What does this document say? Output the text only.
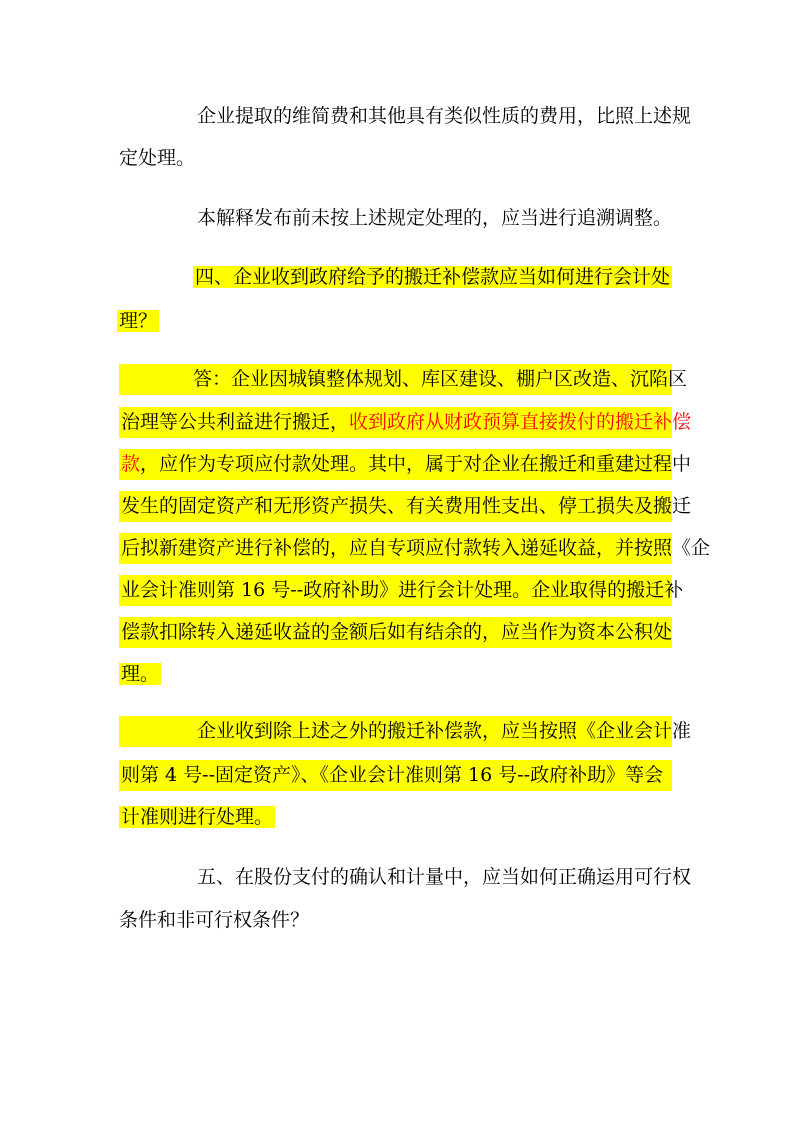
企业提取的维简费和其他具有类似性质的费用，比照上述规
定处理。
本解释发布前未按上述规定处理的，应当进行追溯调整。
四、企业收到政府给予的搬迁补偿款应当如何进行会计处
理？
答：企业因城镇整体规划、库区建设、棚户区改造、沉陷区
治理等公共利益进行搬迁，收到政府从财政预算直接拨付的搬迁补偿
款，应作为专项应付款处理。其中，属于对企业在搬迁和重建过程中
发生的固定资产和无形资产损失、有关费用性支出、停工损失及搬迁
后拟新建资产进行补偿的，应自专项应付款转入递延收益，并按照《企
业会计准则第 16 号--政府补助》进行会计处理。企业取得的搬迁补
偿款扣除转入递延收益的金额后如有结余的，应当作为资本公积处
理。
企业收到除上述之外的搬迁补偿款，应当按照《企业会计准
则第 4 号--固定资产》、《企业会计准则第 16 号--政府补助》等会
计准则进行处理。
五、在股份支付的确认和计量中，应当如何正确运用可行权
条件和非可行权条件？
